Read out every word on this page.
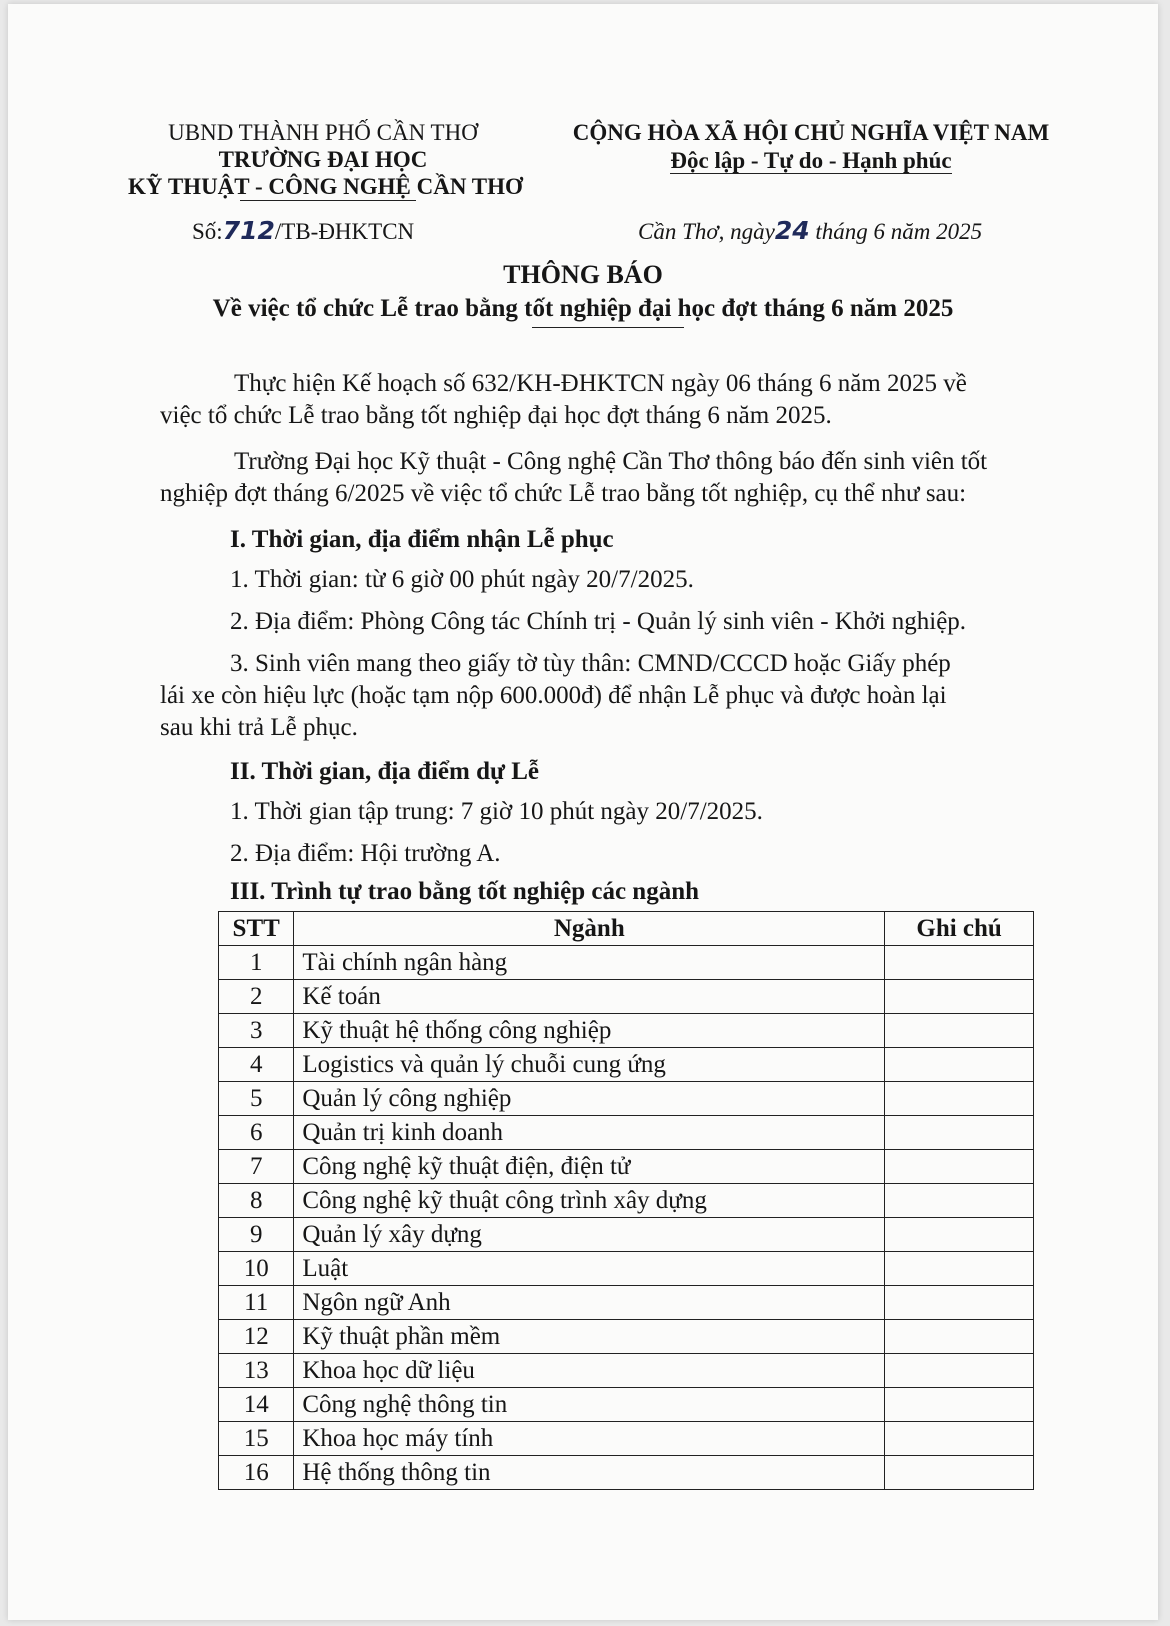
UBND THÀNH PHỐ CẦN THƠ
TRƯỜNG ĐẠI HỌC
KỸ THUẬT - CÔNG NGHỆ CẦN THƠ
Số:712/TB-ĐHKTCN
CỘNG HÒA XÃ HỘI CHỦ NGHĨA VIỆT NAM
Độc lập - Tự do - Hạnh phúc
Cần Thơ, ngày24 tháng 6 năm 2025
THÔNG BÁO
Về việc tổ chức Lễ trao bằng tốt nghiệp đại học đợt tháng 6 năm 2025
Thực hiện Kế hoạch số 632/KH-ĐHKTCN ngày 06 tháng 6 năm 2025 về
việc tổ chức Lễ trao bằng tốt nghiệp đại học đợt tháng 6 năm 2025.
Trường Đại học Kỹ thuật - Công nghệ Cần Thơ thông báo đến sinh viên tốt
nghiệp đợt tháng 6/2025 về việc tổ chức Lễ trao bằng tốt nghiệp, cụ thể như sau:
I. Thời gian, địa điểm nhận Lễ phục
1. Thời gian: từ 6 giờ 00 phút ngày 20/7/2025.
2. Địa điểm: Phòng Công tác Chính trị - Quản lý sinh viên - Khởi nghiệp.
3. Sinh viên mang theo giấy tờ tùy thân: CMND/CCCD hoặc Giấy phép
lái xe còn hiệu lực (hoặc tạm nộp 600.000đ) để nhận Lễ phục và được hoàn lại
sau khi trả Lễ phục.
II. Thời gian, địa điểm dự Lễ
1. Thời gian tập trung: 7 giờ 10 phút ngày 20/7/2025.
2. Địa điểm: Hội trường A.
III. Trình tự trao bằng tốt nghiệp các ngành
STT	Ngành	Ghi chú
1	Tài chính ngân hàng	
2	Kế toán	
3	Kỹ thuật hệ thống công nghiệp	
4	Logistics và quản lý chuỗi cung ứng	
5	Quản lý công nghiệp	
6	Quản trị kinh doanh	
7	Công nghệ kỹ thuật điện, điện tử	
8	Công nghệ kỹ thuật công trình xây dựng	
9	Quản lý xây dựng	
10	Luật	
11	Ngôn ngữ Anh	
12	Kỹ thuật phần mềm	
13	Khoa học dữ liệu	
14	Công nghệ thông tin	
15	Khoa học máy tính	
16	Hệ thống thông tin	
